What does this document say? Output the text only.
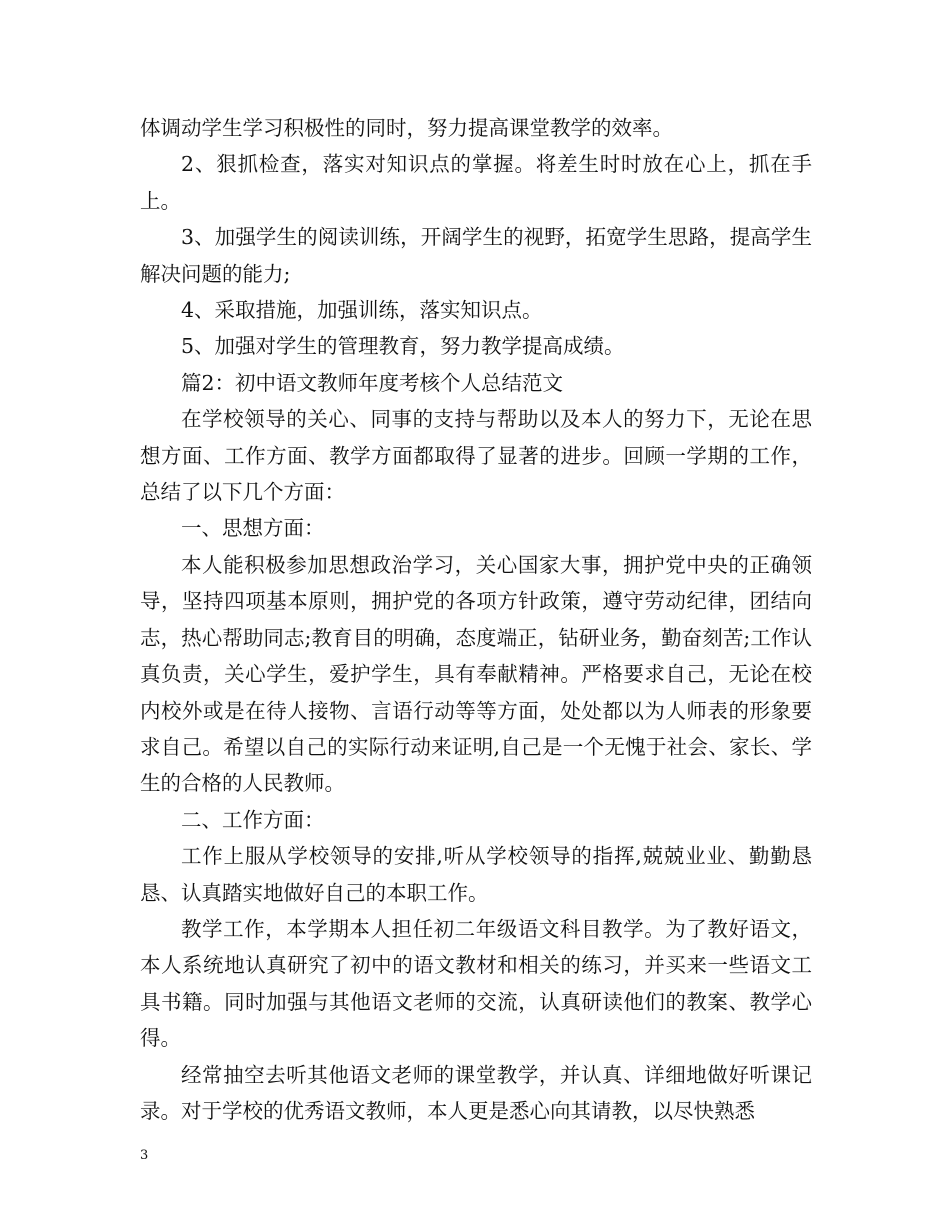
体调动学生学习积极性的同时，努力提高课堂教学的效率。

2、狠抓检查，落实对知识点的掌握。将差生时时放在心上，抓在手上。

3、加强学生的阅读训练，开阔学生的视野，拓宽学生思路，提高学生解决问题的能力;

4、采取措施，加强训练，落实知识点。

5、加强对学生的管理教育，努力教学提高成绩。

篇2：初中语文教师年度考核个人总结范文

在学校领导的关心、同事的支持与帮助以及本人的努力下，无论在思想方面、工作方面、教学方面都取得了显著的进步。回顾一学期的工作，总结了以下几个方面：

一、思想方面：

本人能积极参加思想政治学习，关心国家大事，拥护党中央的正确领导，坚持四项基本原则，拥护党的各项方针政策，遵守劳动纪律，团结向志，热心帮助同志;教育目的明确，态度端正，钻研业务，勤奋刻苦;工作认真负责，关心学生，爱护学生，具有奉献精神。严格要求自己，无论在校内校外或是在待人接物、言语行动等等方面，处处都以为人师表的形象要求自己。希望以自己的实际行动来证明,自己是一个无愧于社会、家长、学生的合格的人民教师。

二、工作方面：

工作上服从学校领导的安排,听从学校领导的指挥,兢兢业业、勤勤恳恳、认真踏实地做好自己的本职工作。

教学工作，本学期本人担任初二年级语文科目教学。为了教好语文，本人系统地认真研究了初中的语文教材和相关的练习，并买来一些语文工具书籍。同时加强与其他语文老师的交流，认真研读他们的教案、教学心得。

经常抽空去听其他语文老师的课堂教学，并认真、详细地做好听课记录。对于学校的优秀语文教师，本人更是悉心向其请教，以尽快熟悉

3
